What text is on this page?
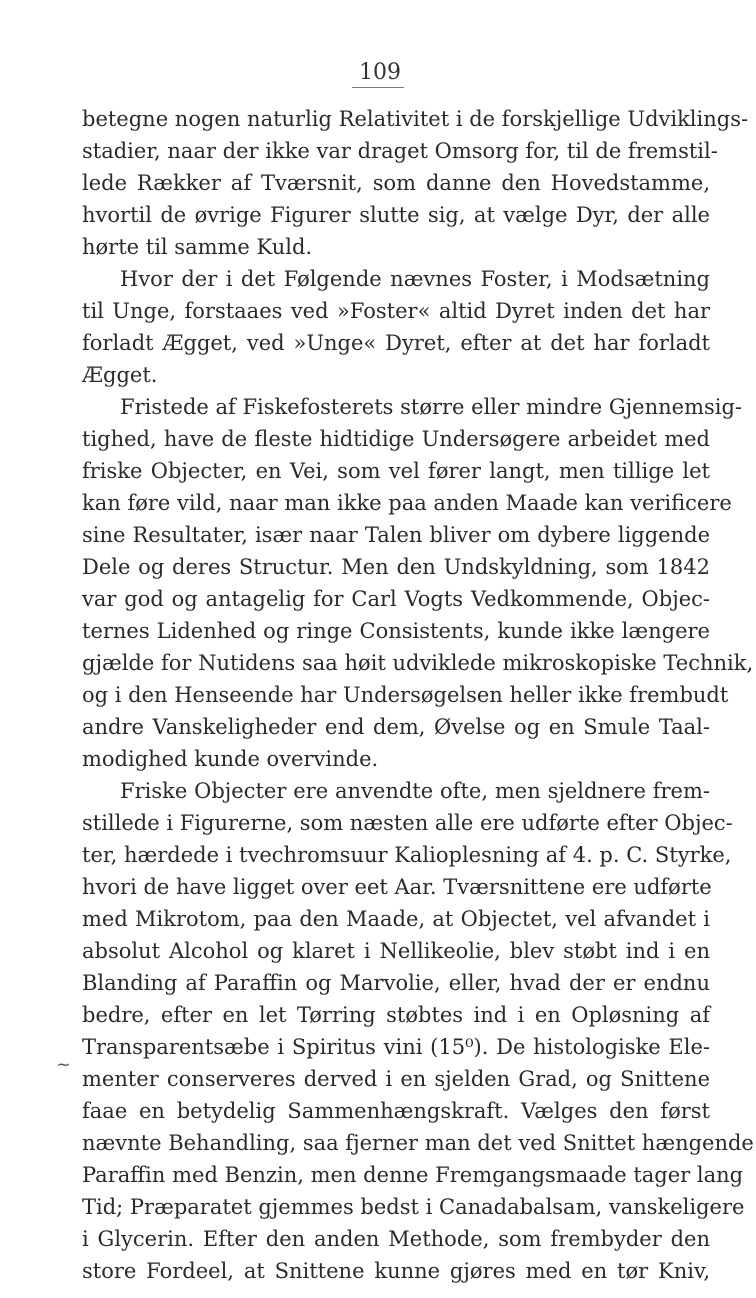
109
~
betegne nogen naturlig Relativitet i de forskjellige Udviklings-
stadier, naar der ikke var draget Omsorg for, til de fremstil-
lede Rækker af Tværsnit, som danne den Hovedstamme,
hvortil de øvrige Figurer slutte sig, at vælge Dyr, der alle
hørte til samme Kuld.
Hvor der i det Følgende nævnes Foster, i Modsætning
til Unge, forstaaes ved »Foster« altid Dyret inden det har
forladt Ægget, ved »Unge« Dyret, efter at det har forladt
Ægget.
Fristede af Fiskefosterets større eller mindre Gjennemsig-
tighed, have de fleste hidtidige Undersøgere arbeidet med
friske Objecter, en Vei, som vel fører langt, men tillige let
kan føre vild, naar man ikke paa anden Maade kan verificere
sine Resultater, især naar Talen bliver om dybere liggende
Dele og deres Structur. Men den Undskyldning, som 1842
var god og antagelig for Carl Vogts Vedkommende, Objec-
ternes Lidenhed og ringe Consistents, kunde ikke længere
gjælde for Nutidens saa høit udviklede mikroskopiske Technik,
og i den Henseende har Undersøgelsen heller ikke frembudt
andre Vanskeligheder end dem, Øvelse og en Smule Taal-
modighed kunde overvinde.
Friske Objecter ere anvendte ofte, men sjeldnere frem-
stillede i Figurerne, som næsten alle ere udførte efter Objec-
ter, hærdede i tvechromsuur Kalioplesning af 4. p. C. Styrke,
hvori de have ligget over eet Aar. Tværsnittene ere udførte
med Mikrotom, paa den Maade, at Objectet, vel afvandet i
absolut Alcohol og klaret i Nellikeolie, blev støbt ind i en
Blanding af Paraffin og Marvolie, eller, hvad der er endnu
bedre, efter en let Tørring støbtes ind i en Opløsning af
Transparentsæbe i Spiritus vini (15⁰). De histologiske Ele-
menter conserveres derved i en sjelden Grad, og Snittene
faae en betydelig Sammenhængskraft. Vælges den først
nævnte Behandling, saa fjerner man det ved Snittet hængende
Paraffin med Benzin, men denne Fremgangsmaade tager lang
Tid; Præparatet gjemmes bedst i Canadabalsam, vanskeligere
i Glycerin. Efter den anden Methode, som frembyder den
store Fordeel, at Snittene kunne gjøres med en tør Kniv,
